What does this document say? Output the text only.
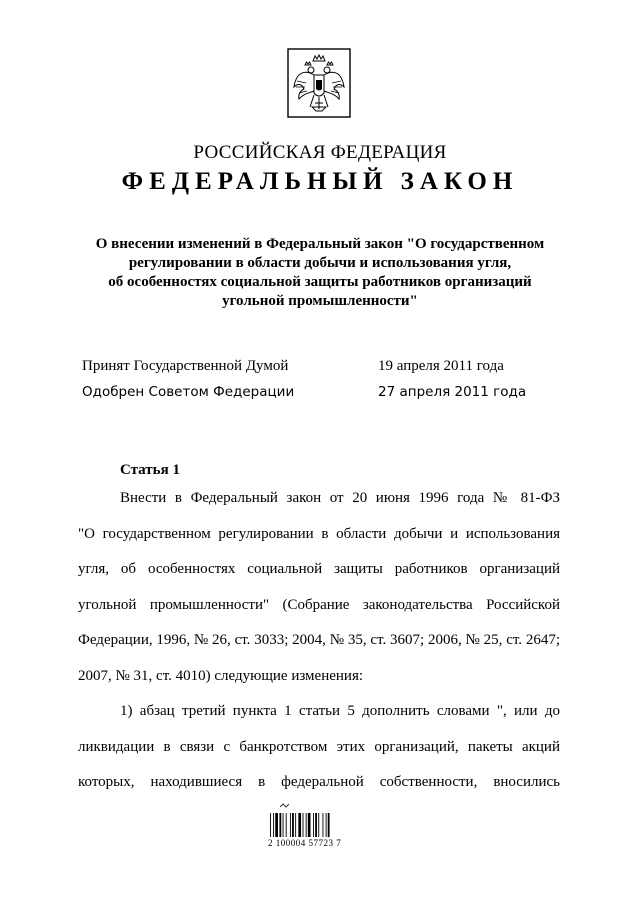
РОССИЙСКАЯ ФЕДЕРАЦИЯ
ФЕДЕРАЛЬНЫЙ ЗАКОН
О внесении изменений в Федеральный закон "О государственном
регулировании в области добычи и использования угля,
об особенностях социальной защиты работников организаций
угольной промышленности"
Принят Государственной Думой	19 апреля 2011 года
Одобрен Советом Федерации	27 апреля 2011 года
Статья 1
Внести в Федеральный закон от 20 июня 1996 года № 81-ФЗ
"О государственном регулировании в области добычи и использования
угля, об особенностях социальной защиты работников организаций
угольной промышленности" (Собрание законодательства Российской
Федерации, 1996, № 26, ст. 3033; 2004, № 35, ст. 3607; 2006, № 25, ст. 2647;
2007, № 31, ст. 4010) следующие изменения:
1) абзац третий пункта 1 статьи 5 дополнить словами ", или до
ликвидации в связи с банкротством этих организаций, пакеты акций
которых, находившиеся в федеральной собственности, вносились
2 100004 57723 7
